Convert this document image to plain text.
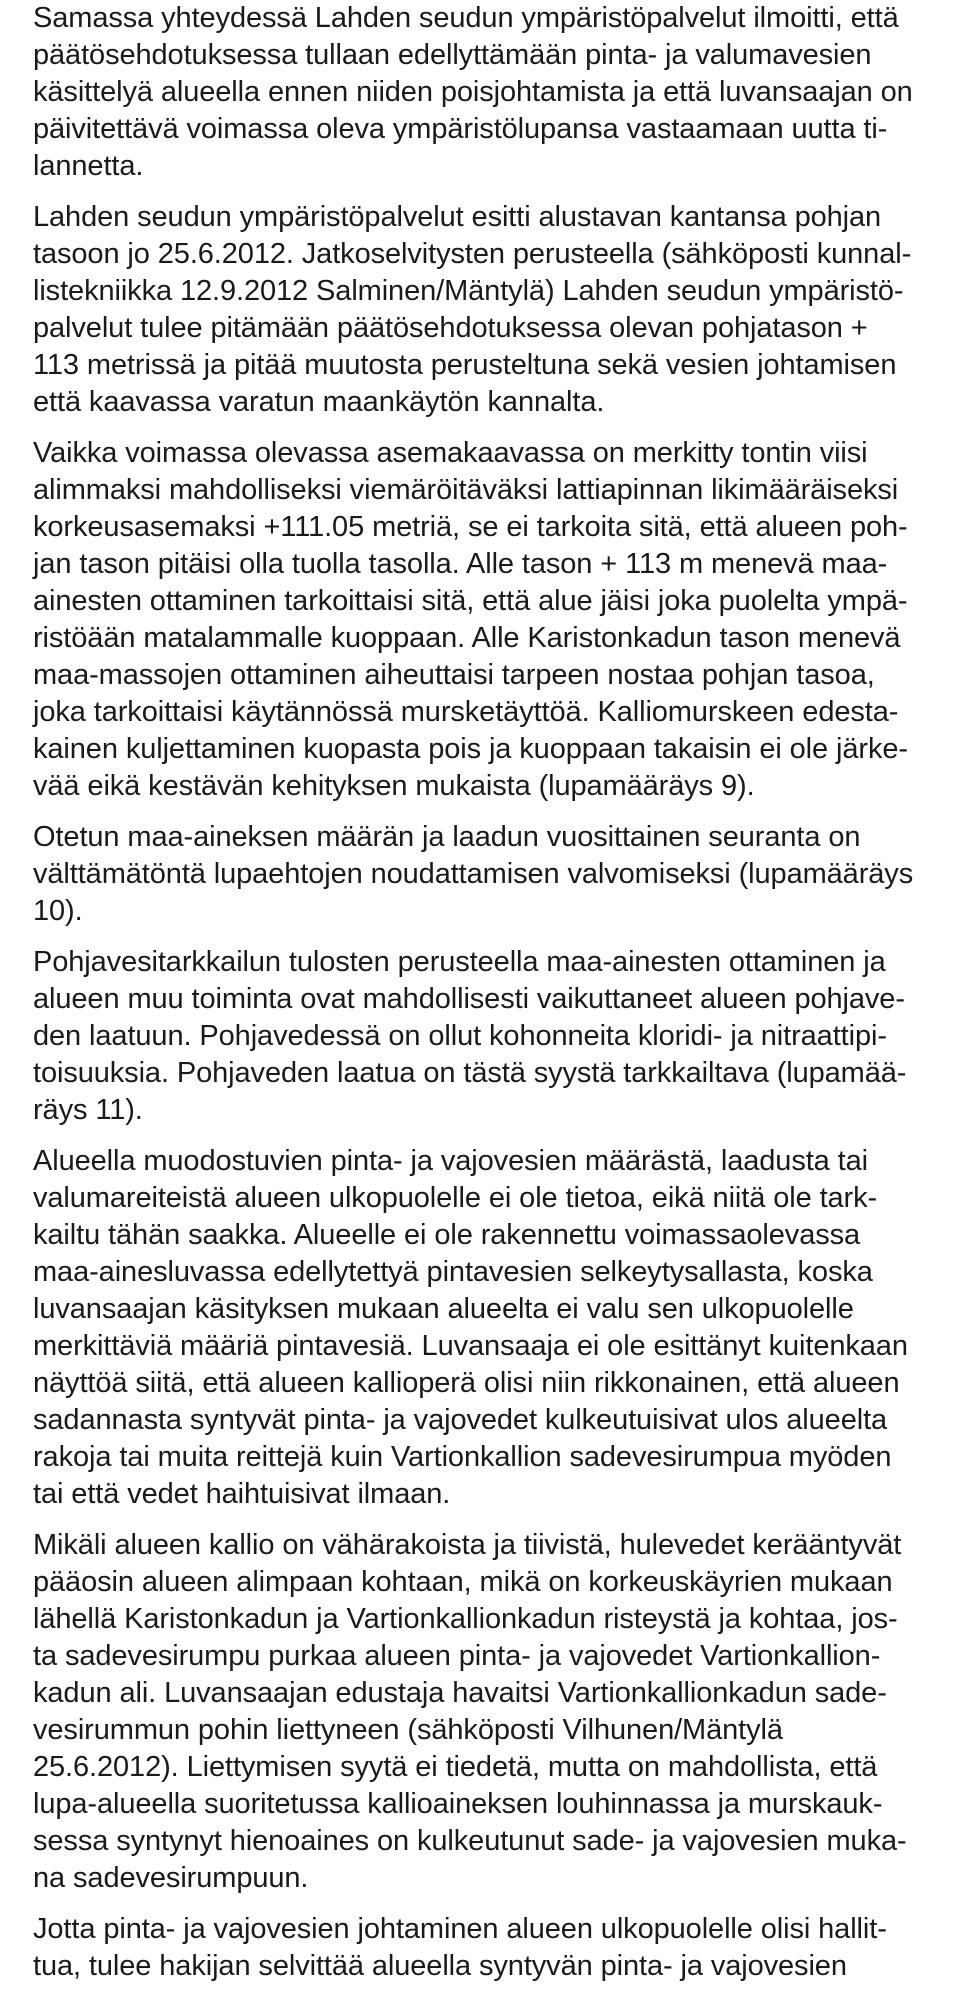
Samassa yhteydessä Lahden seudun ympäristöpalvelut ilmoitti, että
päätösehdotuksessa tullaan edellyttämään pinta- ja valumavesien
käsittelyä alueella ennen niiden poisjohtamista ja että luvansaajan on
päivitettävä voimassa oleva ympäristölupansa vastaamaan uutta ti-
lannetta.

Lahden seudun ympäristöpalvelut esitti alustavan kantansa pohjan
tasoon jo 25.6.2012. Jatkoselvitysten perusteella (sähköposti kunnal-
listekniikka 12.9.2012 Salminen/Mäntylä) Lahden seudun ympäristö-
palvelut tulee pitämään päätösehdotuksessa olevan pohjatason +
113 metrissä ja pitää muutosta perusteltuna sekä vesien johtamisen
että kaavassa varatun maankäytön kannalta.

Vaikka voimassa olevassa asemakaavassa on merkitty tontin viisi
alimmaksi mahdolliseksi viemäröitäväksi lattiapinnan likimääräiseksi
korkeusasemaksi +111.05 metriä, se ei tarkoita sitä, että alueen poh-
jan tason pitäisi olla tuolla tasolla. Alle tason + 113 m menevä maa-
ainesten ottaminen tarkoittaisi sitä, että alue jäisi joka puolelta ympä-
ristöään matalammalle kuoppaan. Alle Karistonkadun tason menevä
maa-massojen ottaminen aiheuttaisi tarpeen nostaa pohjan tasoa,
joka tarkoittaisi käytännössä mursketäyttöä. Kalliomurskeen edesta-
kainen kuljettaminen kuopasta pois ja kuoppaan takaisin ei ole järke-
vää eikä kestävän kehityksen mukaista (lupamääräys 9).

Otetun maa-aineksen määrän ja laadun vuosittainen seuranta on
välttämätöntä lupaehtojen noudattamisen valvomiseksi (lupamääräys
10).

Pohjavesitarkkailun tulosten perusteella maa-ainesten ottaminen ja
alueen muu toiminta ovat mahdollisesti vaikuttaneet alueen pohjave-
den laatuun. Pohjavedessä on ollut kohonneita kloridi- ja nitraattipi-
toisuuksia. Pohjaveden laatua on tästä syystä tarkkailtava (lupamää-
räys 11).

Alueella muodostuvien pinta- ja vajovesien määrästä, laadusta tai
valumareiteistä alueen ulkopuolelle ei ole tietoa, eikä niitä ole tark-
kailtu tähän saakka. Alueelle ei ole rakennettu voimassaolevassa
maa-ainesluvassa edellytettyä pintavesien selkeytysallasta, koska
luvansaajan käsityksen mukaan alueelta ei valu sen ulkopuolelle
merkittäviä määriä pintavesiä. Luvansaaja ei ole esittänyt kuitenkaan
näyttöä siitä, että alueen kallioperä olisi niin rikkonainen, että alueen
sadannasta syntyvät pinta- ja vajovedet kulkeutuisivat ulos alueelta
rakoja tai muita reittejä kuin Vartionkallion sadevesirumpua myöden
tai että vedet haihtuisivat ilmaan.

Mikäli alueen kallio on vähärakoista ja tiivistä, hulevedet kerääntyvät
pääosin alueen alimpaan kohtaan, mikä on korkeuskäyrien mukaan
lähellä Karistonkadun ja Vartionkallionkadun risteystä ja kohtaa, jos-
ta sadevesirumpu purkaa alueen pinta- ja vajovedet Vartionkallion-
kadun ali. Luvansaajan edustaja havaitsi Vartionkallionkadun sade-
vesirummun pohin liettyneen (sähköposti Vilhunen/Mäntylä
25.6.2012). Liettymisen syytä ei tiedetä, mutta on mahdollista, että
lupa-alueella suoritetussa kallioaineksen louhinnassa ja murskauk-
sessa syntynyt hienoaines on kulkeutunut sade- ja vajovesien muka-
na sadevesirumpuun.

Jotta pinta- ja vajovesien johtaminen alueen ulkopuolelle olisi hallit-
tua, tulee hakijan selvittää alueella syntyvän pinta- ja vajovesien
